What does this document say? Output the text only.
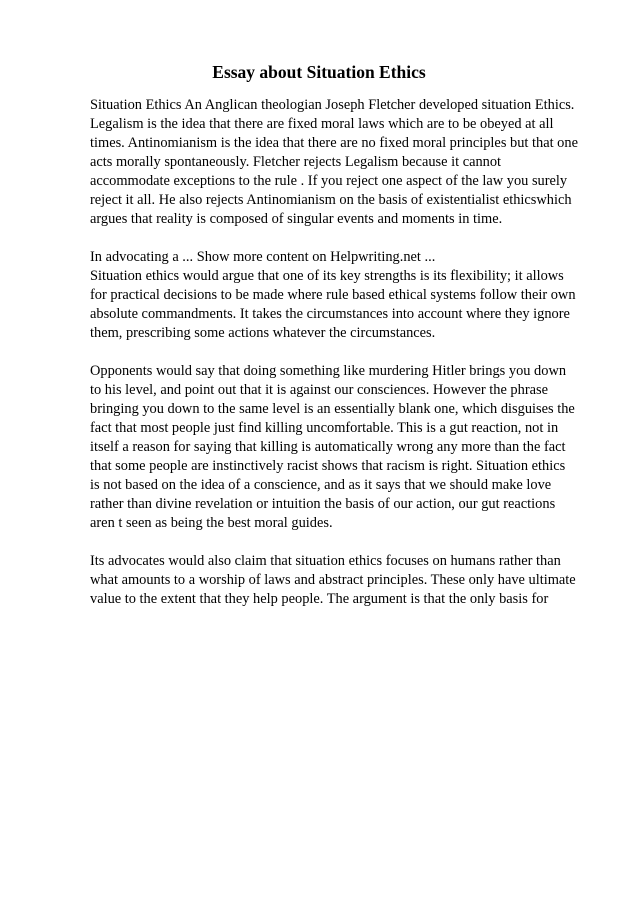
Essay about Situation Ethics

Situation Ethics An Anglican theologian Joseph Fletcher developed situation Ethics.

Legalism is the idea that there are fixed moral laws which are to be obeyed at all

times. Antinomianism is the idea that there are no fixed moral principles but that one

acts morally spontaneously. Fletcher rejects Legalism because it cannot

accommodate exceptions to the rule . If you reject one aspect of the law you surely

reject it all. He also rejects Antinomianism on the basis of existentialist ethicswhich

argues that reality is composed of singular events and moments in time.

In advocating a ... Show more content on Helpwriting.net ...

Situation ethics would argue that one of its key strengths is its flexibility; it allows

for practical decisions to be made where rule based ethical systems follow their own

absolute commandments. It takes the circumstances into account where they ignore

them, prescribing some actions whatever the circumstances.

Opponents would say that doing something like murdering Hitler brings you down

to his level, and point out that it is against our consciences. However the phrase

bringing you down to the same level is an essentially blank one, which disguises the

fact that most people just find killing uncomfortable. This is a gut reaction, not in

itself a reason for saying that killing is automatically wrong any more than the fact

that some people are instinctively racist shows that racism is right. Situation ethics

is not based on the idea of a conscience, and as it says that we should make love

rather than divine revelation or intuition the basis of our action, our gut reactions

aren t seen as being the best moral guides.

Its advocates would also claim that situation ethics focuses on humans rather than

what amounts to a worship of laws and abstract principles. These only have ultimate

value to the extent that they help people. The argument is that the only basis for
